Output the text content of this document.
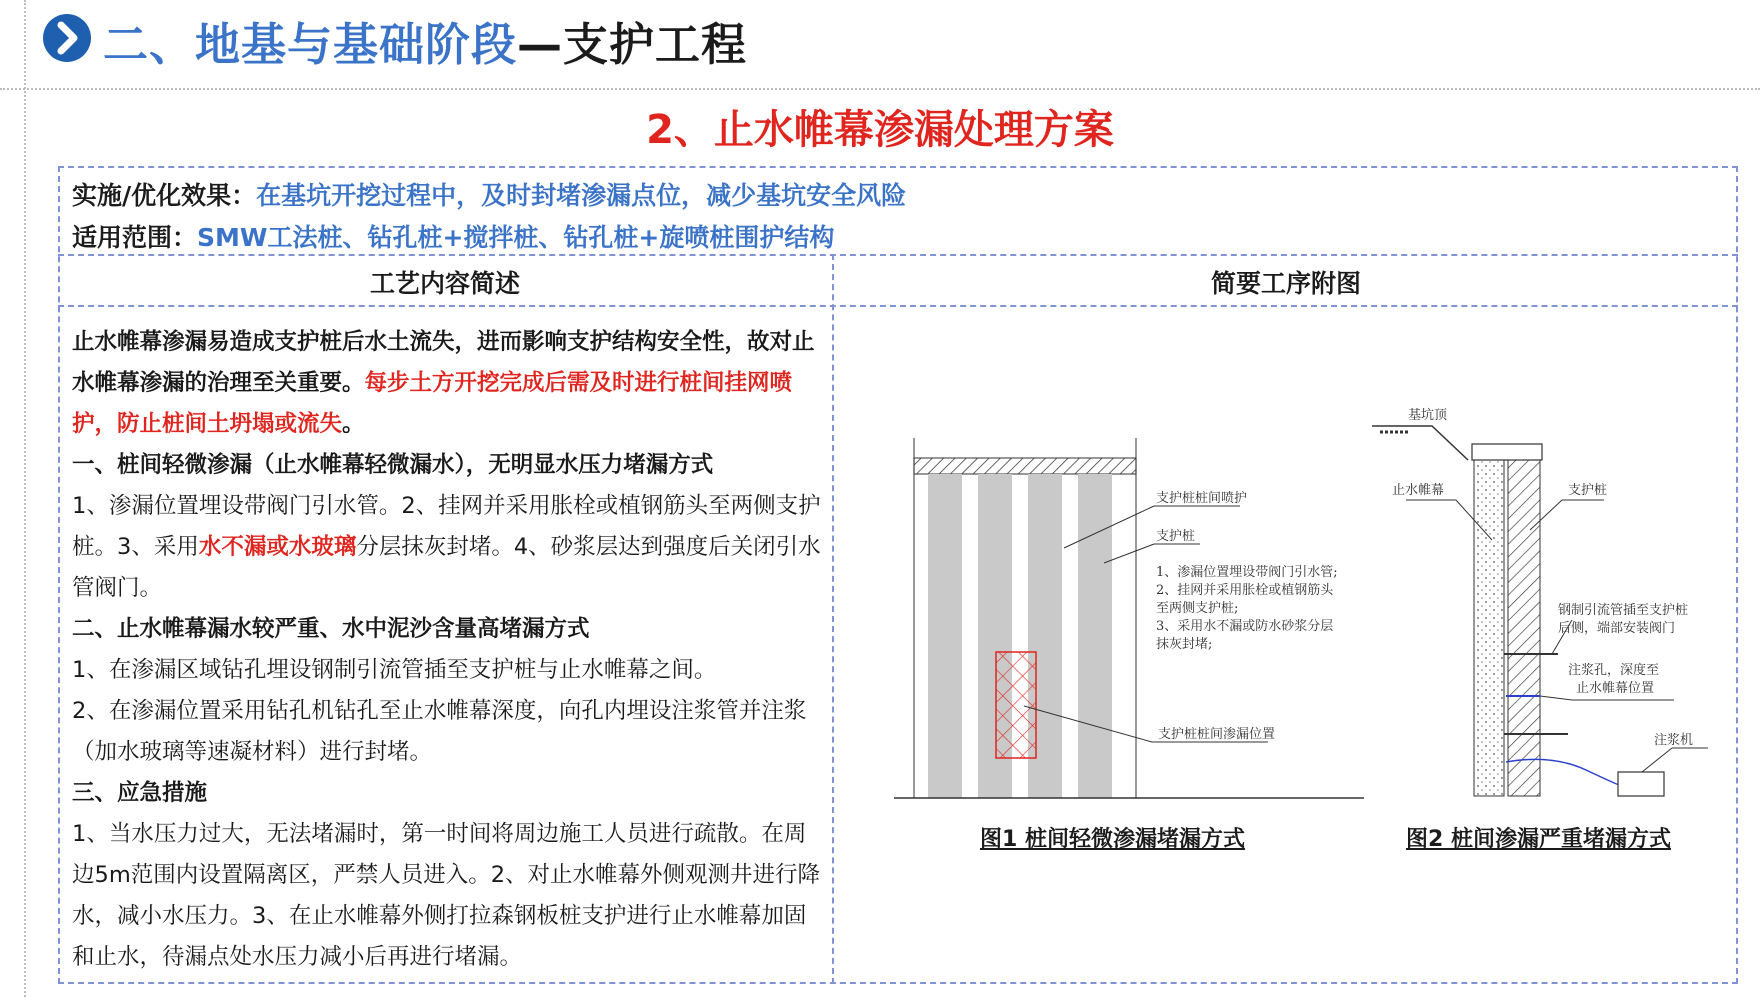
二、地基与基础阶段—支护工程
2、止水帷幕渗漏处理方案
实施/优化效果：在基坑开挖过程中，及时封堵渗漏点位，减少基坑安全风险
适用范围：SMW工法桩、钻孔桩+搅拌桩、钻孔桩+旋喷桩围护结构
工艺内容简述	简要工序附图

止水帷幕渗漏易造成支护桩后水土流失，进而影响支护结构安全性，故对止水帷幕渗漏的治理至关重要。每步土方开挖完成后需及时进行桩间挂网喷护，防止桩间土坍塌或流失。

一、桩间轻微渗漏（止水帷幕轻微漏水），无明显水压力堵漏方式

1、渗漏位置埋设带阀门引水管。2、挂网并采用胀栓或植钢筋头至两侧支护桩。3、采用水不漏或水玻璃分层抹灰封堵。4、砂浆层达到强度后关闭引水管阀门。

二、止水帷幕漏水较严重、水中泥沙含量高堵漏方式

1、在渗漏区域钻孔埋设钢制引流管插至支护桩与止水帷幕之间。

2、在渗漏位置采用钻孔机钻孔至止水帷幕深度，向孔内埋设注浆管并注浆（加水玻璃等速凝材料）进行封堵。

三、应急措施

1、当水压力过大，无法堵漏时，第一时间将周边施工人员进行疏散。在周边5m范围内设置隔离区，严禁人员进入。2、对止水帷幕外侧观测井进行降水，减小水压力。3、在止水帷幕外侧打拉森钢板桩支护进行止水帷幕加固和止水，待漏点处水压力减小后再进行堵漏。

支护桩桩间喷护
支护桩
1、渗漏位置埋设带阀门引水管;
2、挂网并采用胀栓或植钢筋头
至两侧支护桩;
3、采用水不漏或防水砂浆分层
抹灰封堵;
支护桩桩间渗漏位置
基坑顶
止水帷幕	支护桩
钢制引流管插至支护桩
后侧，端部安装阀门
注浆孔，深度至
止水帷幕位置
注浆机
图1 桩间轻微渗漏堵漏方式	图2 桩间渗漏严重堵漏方式
